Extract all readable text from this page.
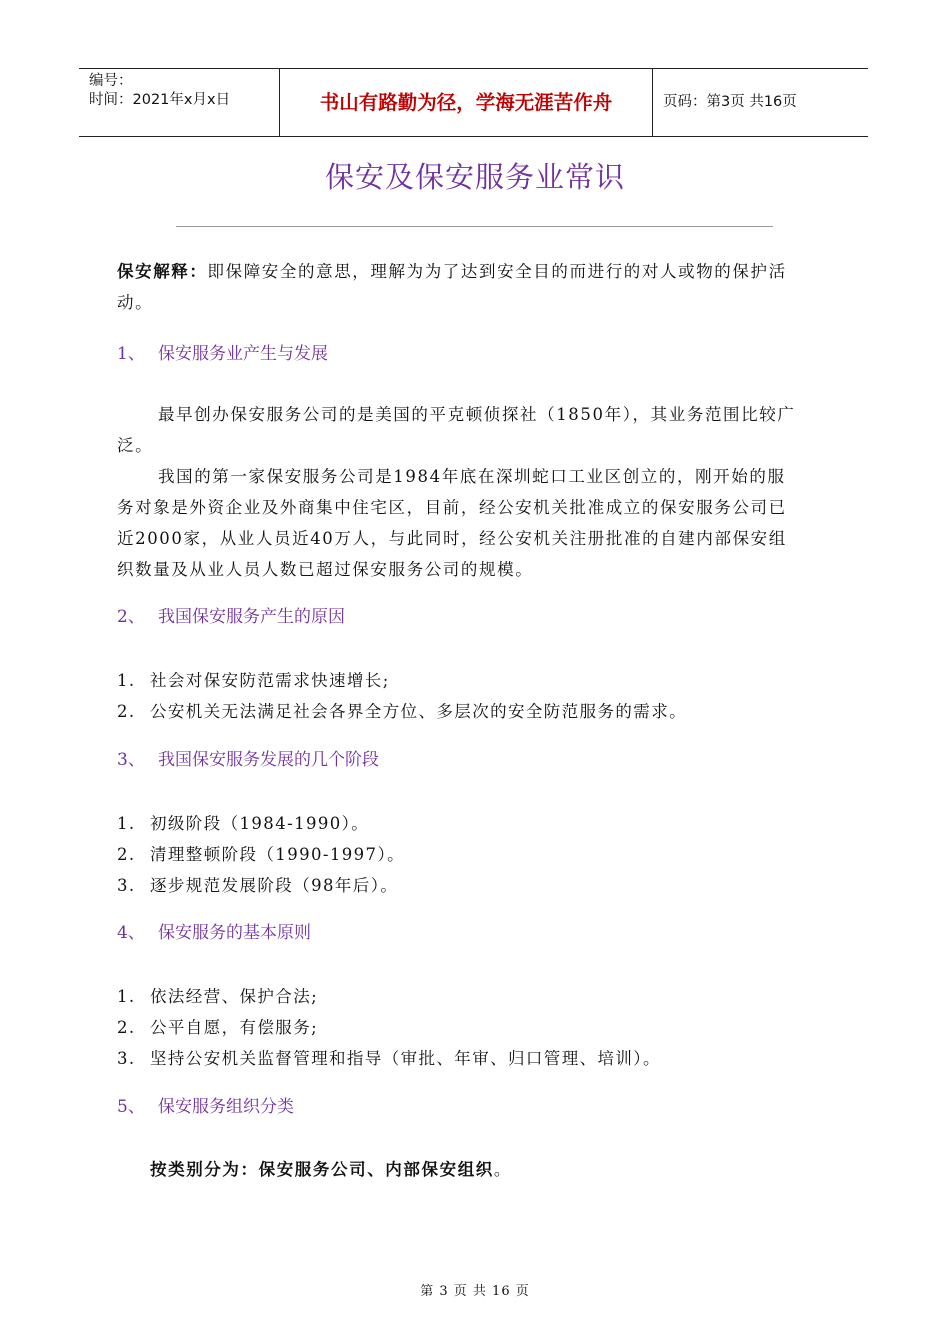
编号：
时间：2021年x月x日	书山有路勤为径，学海无涯苦作舟	页码：第3页 共16页
保安及保安服务业常识
保安解释：即保障安全的意思，理解为为了达到安全目的而进行的对人或物的保护活
动。
1、 保安服务业产生与发展
最早创办保安服务公司的是美国的平克顿侦探社（1850年），其业务范围比较广
泛。
我国的第一家保安服务公司是1984年底在深圳蛇口工业区创立的，刚开始的服
务对象是外资企业及外商集中住宅区，目前，经公安机关批准成立的保安服务公司已
近2000家，从业人员近40万人，与此同时，经公安机关注册批准的自建内部保安组
织数量及从业人员人数已超过保安服务公司的规模。
2、 我国保安服务产生的原因
1. 社会对保安防范需求快速增长;
2. 公安机关无法满足社会各界全方位、多层次的安全防范服务的需求。
3、 我国保安服务发展的几个阶段
1. 初级阶段（1984-1990）。
2. 清理整顿阶段（1990-1997）。
3. 逐步规范发展阶段（98年后）。
4、 保安服务的基本原则
1. 依法经营、保护合法;
2. 公平自愿，有偿服务;
3. 坚持公安机关监督管理和指导（审批、年审、归口管理、培训）。
5、 保安服务组织分类
按类别分为：保安服务公司、内部保安组织。
第 3 页 共 16 页
